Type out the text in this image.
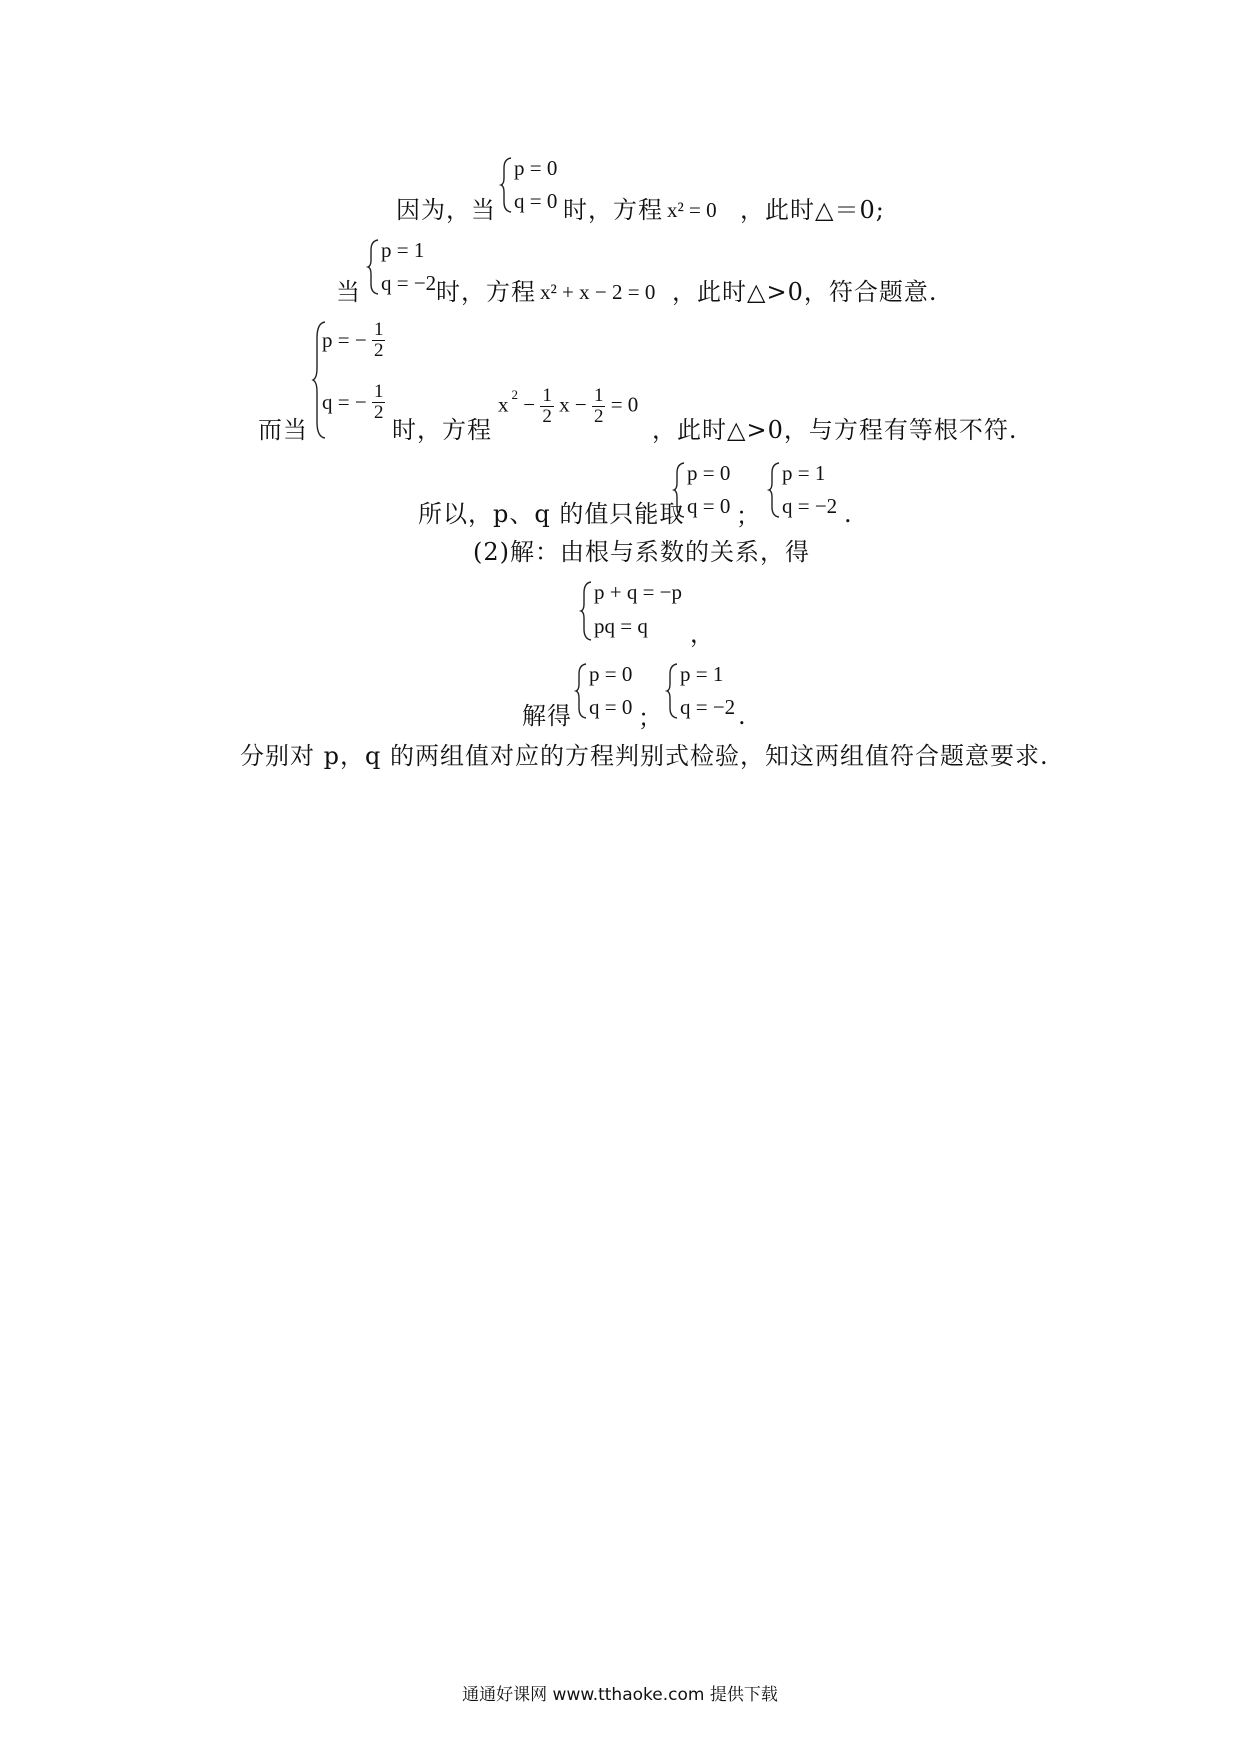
因为，当
p = 0
q = 0 时，方程 x² = 0 ，此时△＝0;
当
p = 1
q = −2 时，方程 x² + x − 2 = 0 ，此时△>0，符合题意.
而当
p = − $\frac{1}{2}$
q = − $\frac{1}{2}$
时，方程
x $^2 - \frac{1}{2}$ $x - \frac{1}{2} = 0$
，此时△>0，与方程有等根不符.
所以，p、q 的值只能取
p = 0
q = 0 ；
p = 1
q = −2 .
(2)解：由根与系数的关系，得
p + q = −p
pq = q ，
解得
p = 0
q = 0 ；
p = 1
q = −2 .
分别对 p，q 的两组值对应的方程判别式检验，知这两组值符合题意要求.
通通好课网 www.tthaoke.com 提供下载
